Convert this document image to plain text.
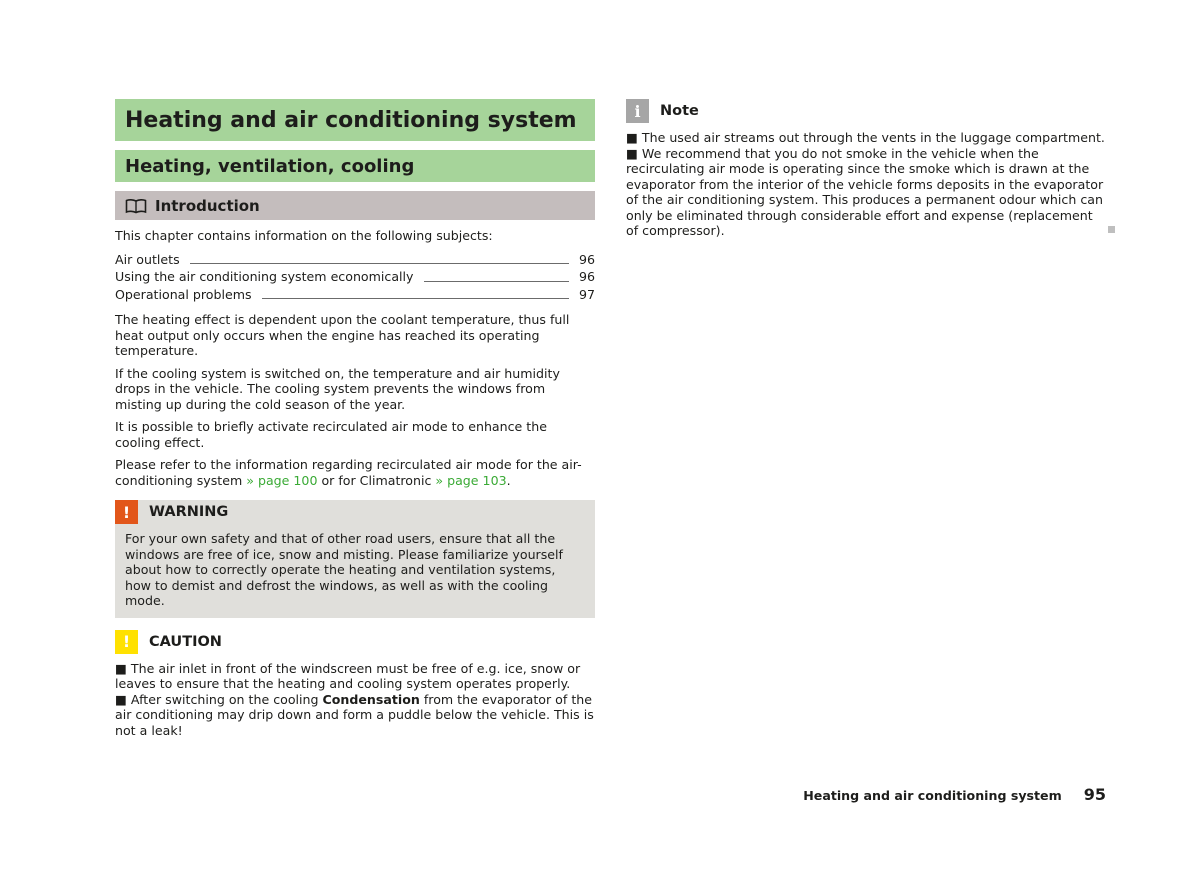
Heating and air conditioning system
Heating, ventilation, cooling
Introduction

This chapter contains information on the following subjects:

Air outlets	96
Using the air conditioning system economically	96
Operational problems	97

The heating effect is dependent upon the coolant temperature, thus full heat output only occurs when the engine has reached its operating temperature.

If the cooling system is switched on, the temperature and air humidity drops in the vehicle. The cooling system prevents the windows from misting up during the cold season of the year.

It is possible to briefly activate recirculated air mode to enhance the cooling effect.

Please refer to the information regarding recirculated air mode for the air-conditioning system » page 100 or for Climatronic » page 103.

!	WARNING
For your own safety and that of other road users, ensure that all the windows are free of ice, snow and misting. Please familiarize yourself about how to correctly operate the heating and ventilation systems, how to demist and defrost the windows, as well as with the cooling mode.
!	CAUTION
■ The air inlet in front of the windscreen must be free of e.g. ice, snow or leaves to ensure that the heating and cooling system operates properly.
■ After switching on the cooling Condensation from the evaporator of the air conditioning may drip down and form a puddle below the vehicle. This is not a leak!
i	Note
■ The used air streams out through the vents in the luggage compartment.
■ We recommend that you do not smoke in the vehicle when the recirculating air mode is operating since the smoke which is drawn at the evaporator from the interior of the vehicle forms deposits in the evaporator of the air conditioning system. This produces a permanent odour which can only be eliminated through considerable effort and expense (replacement of compressor).
Heating and air conditioning system 95
